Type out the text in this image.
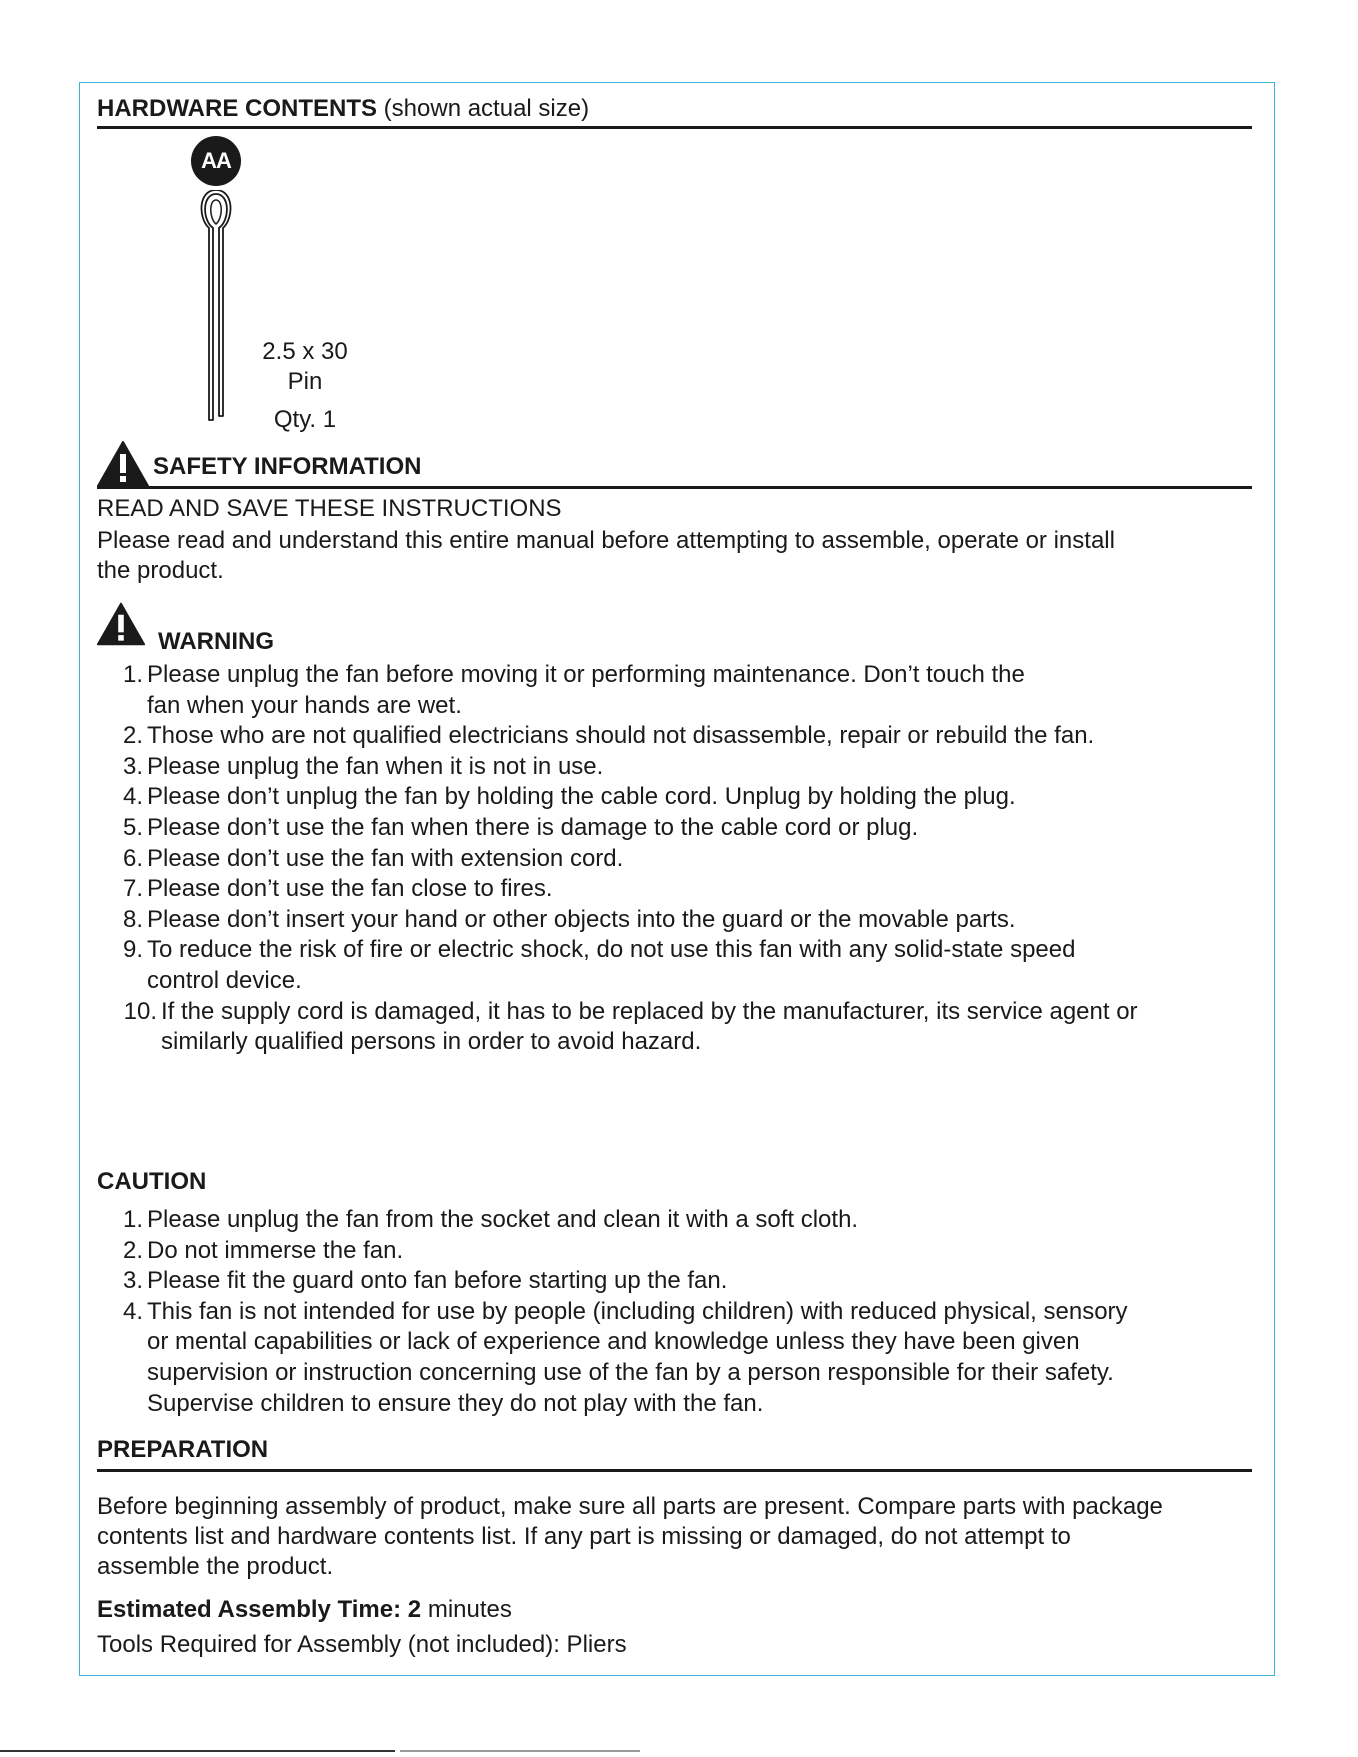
HARDWARE CONTENTS (shown actual size)
AA
2.5 x 30
Pin
Qty. 1
SAFETY INFORMATION
READ AND SAVE THESE INSTRUCTIONS
Please read and understand this entire manual before attempting to assemble, operate or install
the product.
WARNING
1. Please unplug the fan before moving it or performing maintenance. Don’t touch the
fan when your hands are wet.
2. Those who are not qualified electricians should not disassemble, repair or rebuild the fan.
3. Please unplug the fan when it is not in use.
4. Please don’t unplug the fan by holding the cable cord. Unplug by holding the plug.
5. Please don’t use the fan when there is damage to the cable cord or plug.
6. Please don’t use the fan with extension cord.
7. Please don’t use the fan close to fires.
8. Please don’t insert your hand or other objects into the guard or the movable parts.
9. To reduce the risk of fire or electric shock, do not use this fan with any solid-state speed
control device.
10. If the supply cord is damaged, it has to be replaced by the manufacturer, its service agent or
similarly qualified persons in order to avoid hazard.
CAUTION
1. Please unplug the fan from the socket and clean it with a soft cloth.
2. Do not immerse the fan.
3. Please fit the guard onto fan before starting up the fan.
4. This fan is not intended for use by people (including children) with reduced physical, sensory
or mental capabilities or lack of experience and knowledge unless they have been given
supervision or instruction concerning use of the fan by a person responsible for their safety.
Supervise children to ensure they do not play with the fan.
PREPARATION
Before beginning assembly of product, make sure all parts are present. Compare parts with package
contents list and hardware contents list. If any part is missing or damaged, do not attempt to
assemble the product.
Estimated Assembly Time: 2 minutes
Tools Required for Assembly (not included): Pliers
